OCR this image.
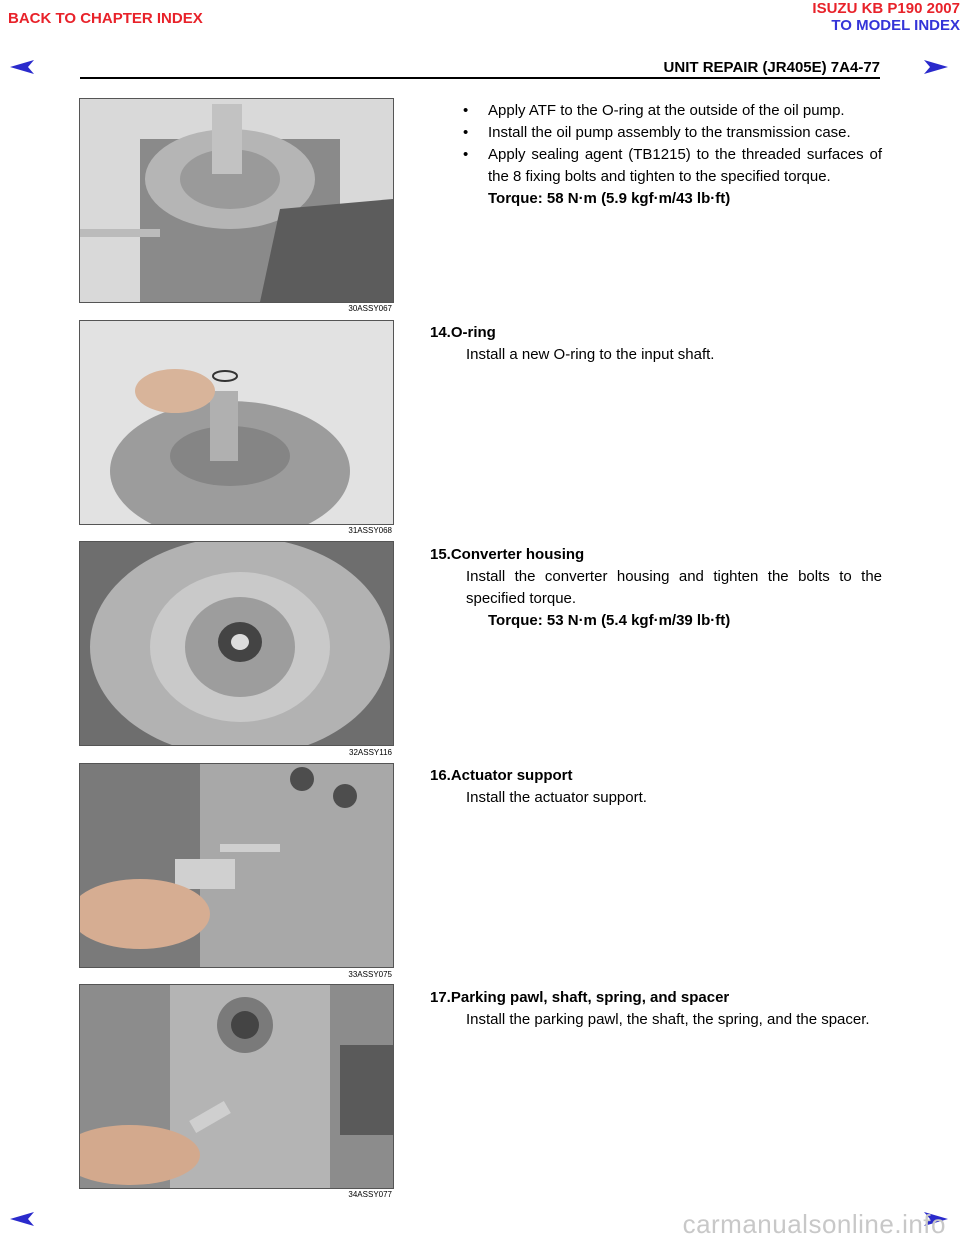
BACK TO CHAPTER INDEX
ISUZU KB P190 2007
TO MODEL INDEX
UNIT REPAIR (JR405E) 7A4-77
30ASSY067
• Apply ATF to the O-ring at the outside of the oil pump.
• Install the oil pump assembly to the transmission case.
• Apply sealing agent (TB1215) to the threaded surfaces of the 8 fixing bolts and tighten to the specified torque.
Torque: 58 N·m (5.9 kgf·m/43 lb·ft)
31ASSY068
14.O-ring
Install a new O-ring to the input shaft.
32ASSY116
15.Converter housing
Install the converter housing and tighten the bolts to the specified torque.
Torque: 53 N·m (5.4 kgf·m/39 lb·ft)
33ASSY075
16.Actuator support
Install the actuator support.
34ASSY077
17.Parking pawl, shaft, spring, and spacer
Install the parking pawl, the shaft, the spring, and the spacer.
carmanualsonline.info
